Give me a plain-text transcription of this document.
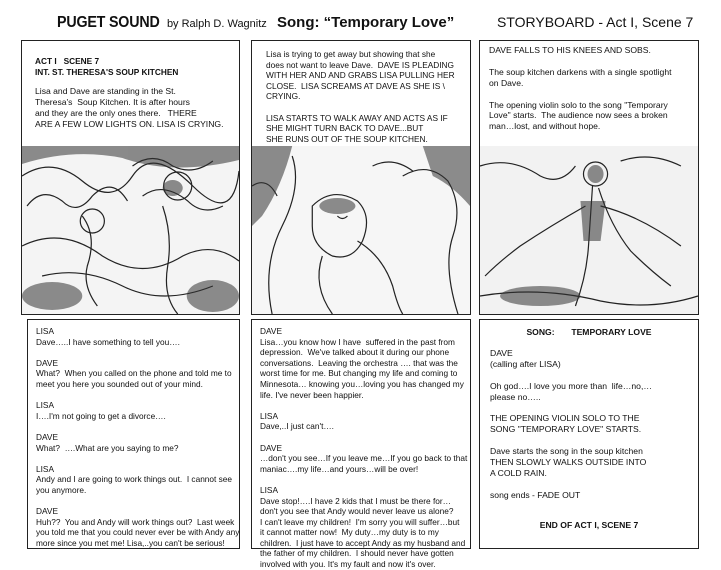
PUGET SOUND by Ralph D. Wagnitz Song: “Temporary Love”	STORYBOARD - Act I, Scene 7
ACT I   SCENE 7
INT. ST. THERESA'S SOUP KITCHEN
Lisa and Dave are standing in the St.
Theresa's  Soup Kitchen. It is after hours
and they are the only ones there.   THERE
ARE A FEW LOW LIGHTS ON. LISA IS CRYING.
Lisa is trying to get away but showing that she
does not want to leave Dave.  DAVE IS PLEADING
WITH HER AND AND GRABS LISA PULLING HER
CLOSE.  LISA SCREAMS AT DAVE AS SHE IS \
CRYING.

LISA STARTS TO WALK AWAY AND ACTS AS IF
SHE MIGHT TURN BACK TO DAVE...BUT
SHE RUNS OUT OF THE SOUP KITCHEN.
DAVE FALLS TO HIS KNEES AND SOBS.

The soup kitchen darkens with a single spotlight
on Dave.

The opening violin solo to the song "Temporary
Love" starts.  The audience now sees a broken
man…lost, and without hope.
LISA
Dave…..I have something to tell you….

DAVE
What?  When you called on the phone and told me to
meet you here you sounded out of your mind.

LISA
I….I'm not going to get a divorce….

DAVE
What?  ….What are you saying to me?

LISA
Andy and I are going to work things out.  I cannot see
you anymore.

DAVE
Huh??  You and Andy will work things out?  Last week
you told me that you could never ever be with Andy any
more since you met me! Lisa,..you can't be serious!
DAVE
Lisa…you know how I have  suffered in the past from
depression.  We've talked about it during our phone
conversations.  Leaving the orchestra …. that was the
worst time for me. But changing my life and coming to
Minnesota… knowing you…loving you has changed my
life. I've never been happier.

LISA
Dave,..I just can't….

DAVE
…don't you see…If you leave me…If you go back to that
maniac….my life…and yours…will be over!

LISA
Dave stop!….I have 2 kids that I must be there for…
don't you see that Andy would never leave us alone?
I can't leave my children!  I'm sorry you will suffer…but
it cannot matter now!  My duty…my duty is to my
children.  I just have to accept Andy as my husband and
the father of my children.  I should never have gotten
involved with you. It's my fault and now it's over.
SONG:       TEMPORARY LOVE
DAVE
(calling after LISA)

Oh god….I love you more than  life…no,…
please no…..

THE OPENING VIOLIN SOLO TO THE
SONG "TEMPORARY LOVE" STARTS.

Dave starts the song in the soup kitchen
THEN SLOWLY WALKS OUTSIDE INTO
A COLD RAIN.

song ends - FADE OUT
END OF ACT I, SCENE 7
